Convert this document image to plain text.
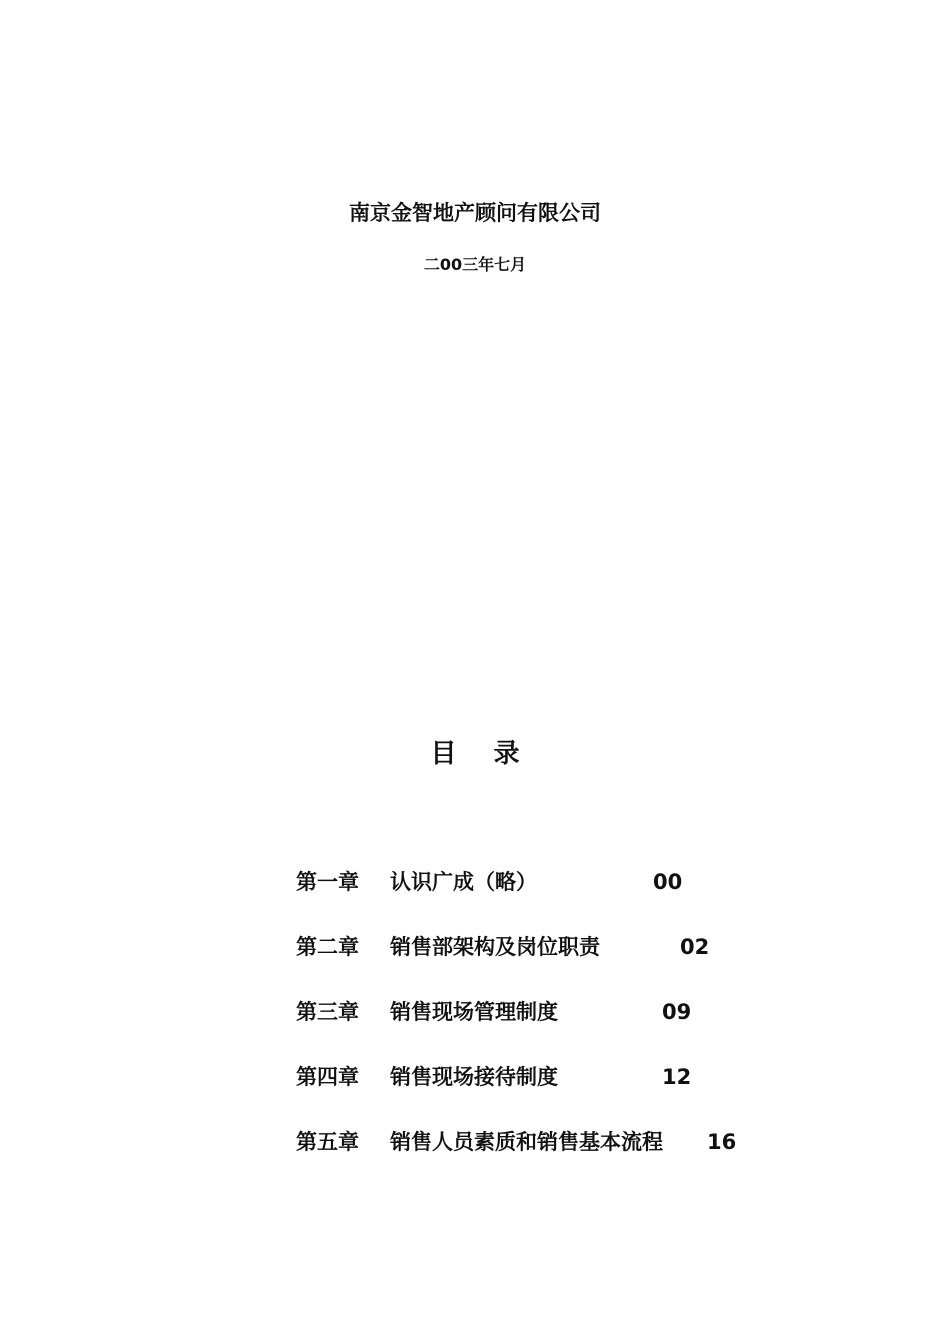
南京金智地产顾问有限公司
二00三年七月
目 录
第一章 认识广成（略）	00
第二章 销售部架构及岗位职责	02
第三章 销售现场管理制度	09
第四章 销售现场接待制度	12
第五章 销售人员素质和销售基本流程 16
